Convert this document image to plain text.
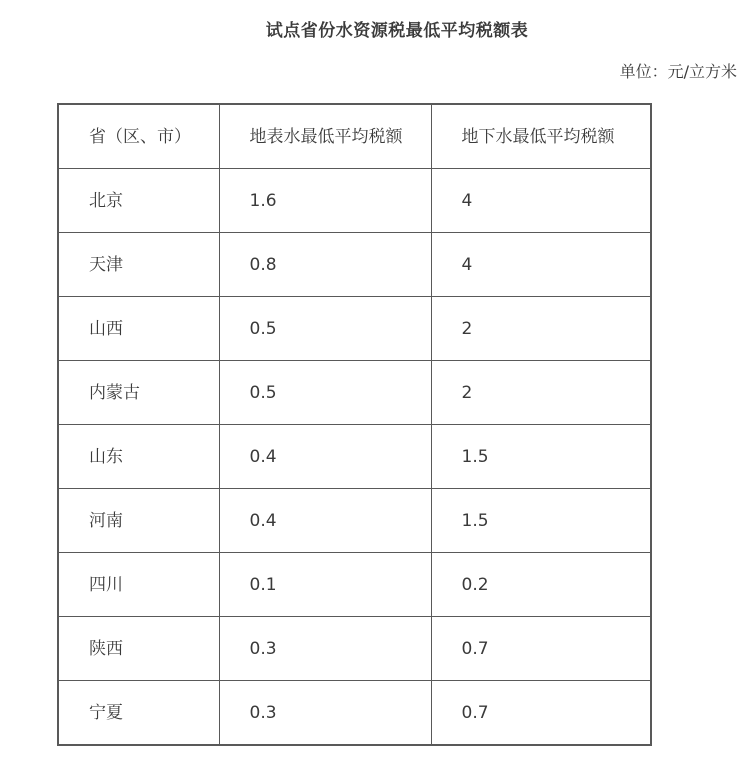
试点省份水资源税最低平均税额表
单位：元/立方米
省（区、市）	地表水最低平均税额	地下水最低平均税额
北京	1.6	4
天津	0.8	4
山西	0.5	2
内蒙古	0.5	2
山东	0.4	1.5
河南	0.4	1.5
四川	0.1	0.2
陕西	0.3	0.7
宁夏	0.3	0.7
